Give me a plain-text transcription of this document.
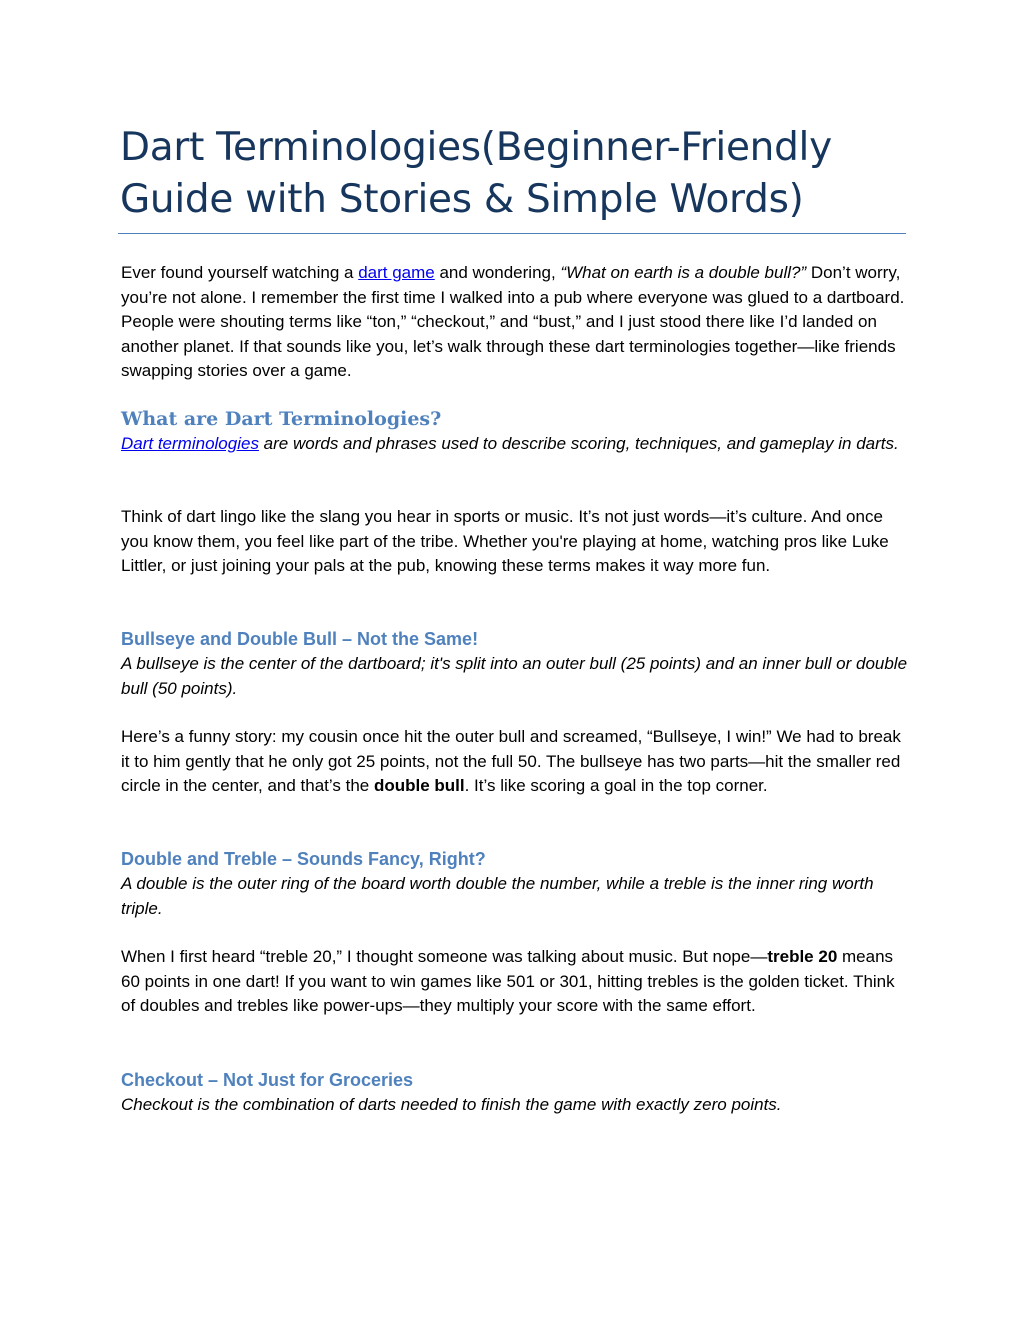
Dart Terminologies(Beginner-Friendly
Guide with Stories & Simple Words)

Ever found yourself watching a dart game and wondering, “What on earth is a double bull?” Don’t worry, you’re not alone. I remember the first time I walked into a pub where everyone was glued to a dartboard. People were shouting terms like “ton,” “checkout,” and “bust,” and I just stood there like I’d landed on another planet. If that sounds like you, let’s walk through these dart terminologies together—like friends swapping stories over a game.

What are Dart Terminologies?

Dart terminologies are words and phrases used to describe scoring, techniques, and gameplay in darts.

Think of dart lingo like the slang you hear in sports or music. It’s not just words—it’s culture. And once you know them, you feel like part of the tribe. Whether you're playing at home, watching pros like Luke Littler, or just joining your pals at the pub, knowing these terms makes it way more fun.

Bullseye and Double Bull – Not the Same!

A bullseye is the center of the dartboard; it's split into an outer bull (25 points) and an inner bull or double bull (50 points).

Here’s a funny story: my cousin once hit the outer bull and screamed, “Bullseye, I win!” We had to break it to him gently that he only got 25 points, not the full 50. The bullseye has two parts—hit the smaller red circle in the center, and that’s the double bull. It’s like scoring a goal in the top corner.

Double and Treble – Sounds Fancy, Right?

A double is the outer ring of the board worth double the number, while a treble is the inner ring worth triple.

When I first heard “treble 20,” I thought someone was talking about music. But nope—treble 20 means 60 points in one dart! If you want to win games like 501 or 301, hitting trebles is the golden ticket. Think of doubles and trebles like power-ups—they multiply your score with the same effort.

Checkout – Not Just for Groceries

Checkout is the combination of darts needed to finish the game with exactly zero points.
